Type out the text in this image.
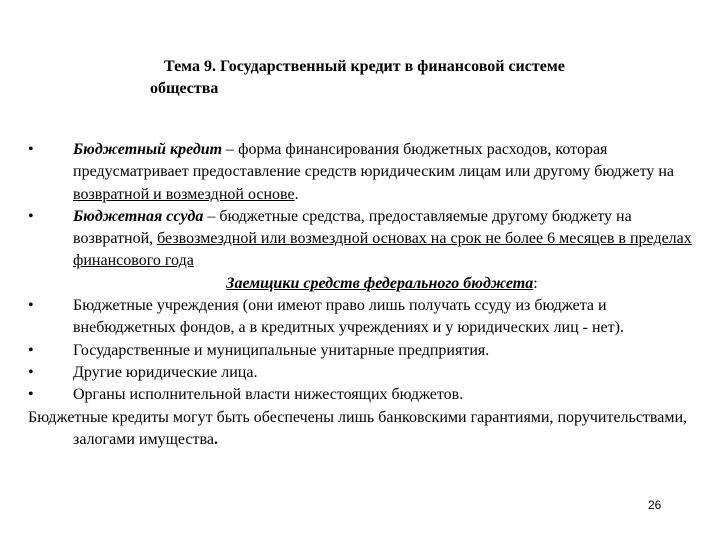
Тема 9. Государственный кредит в финансовой системе
общества
• Бюджетный кредит – форма финансирования бюджетных расходов, которая предусматривает предоставление средств юридическим лицам или другому бюджету на возвратной и возмездной основе.
• Бюджетная ссуда – бюджетные средства, предоставляемые другому бюджету на возвратной, безвозмездной или возмездной основах на срок не более 6 месяцев в пределах финансового года
Заемщики средств федерального бюджета:
• Бюджетные учреждения (они имеют право лишь получать ссуду из бюджета и внебюджетных фондов, а в кредитных учреждениях и у юридических лиц - нет).
• Государственные и муниципальные унитарные предприятия.
• Другие юридические лица.
• Органы исполнительной власти нижестоящих бюджетов.
Бюджетные кредиты могут быть обеспечены лишь банковскими гарантиями, поручительствами, залогами имущества.
26
